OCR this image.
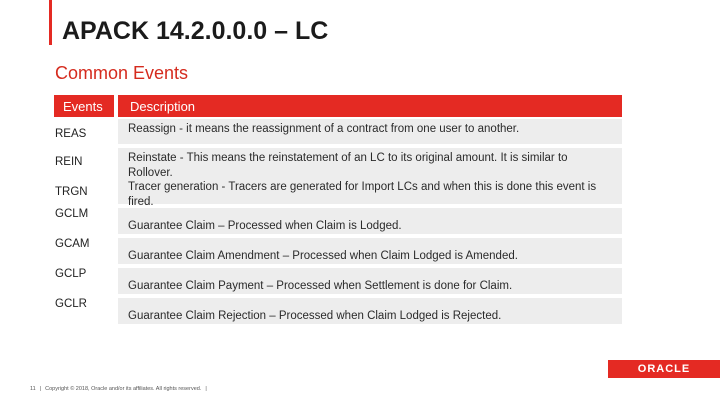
APACK 14.2.0.0.0 – LC
Common Events
Events	Description
REAS	Reassign - it means the reassignment of a contract from one user to another.
REIN
TRGN
Reinstate - This means the reinstatement of an LC to its original amount. It is similar to
Rollover.
Tracer generation - Tracers are generated for Import LCs and when this is done this event is
fired.
GCLM
Guarantee Claim – Processed when Claim is Lodged.
GCAM
Guarantee Claim Amendment – Processed when Claim Lodged is Amended.
GCLP
Guarantee Claim Payment – Processed when Settlement is done for Claim.
GCLR
Guarantee Claim Rejection – Processed when Claim Lodged is Rejected.
ORACLE
11 | Copyright © 2018, Oracle and/or its affiliates. All rights reserved. |
